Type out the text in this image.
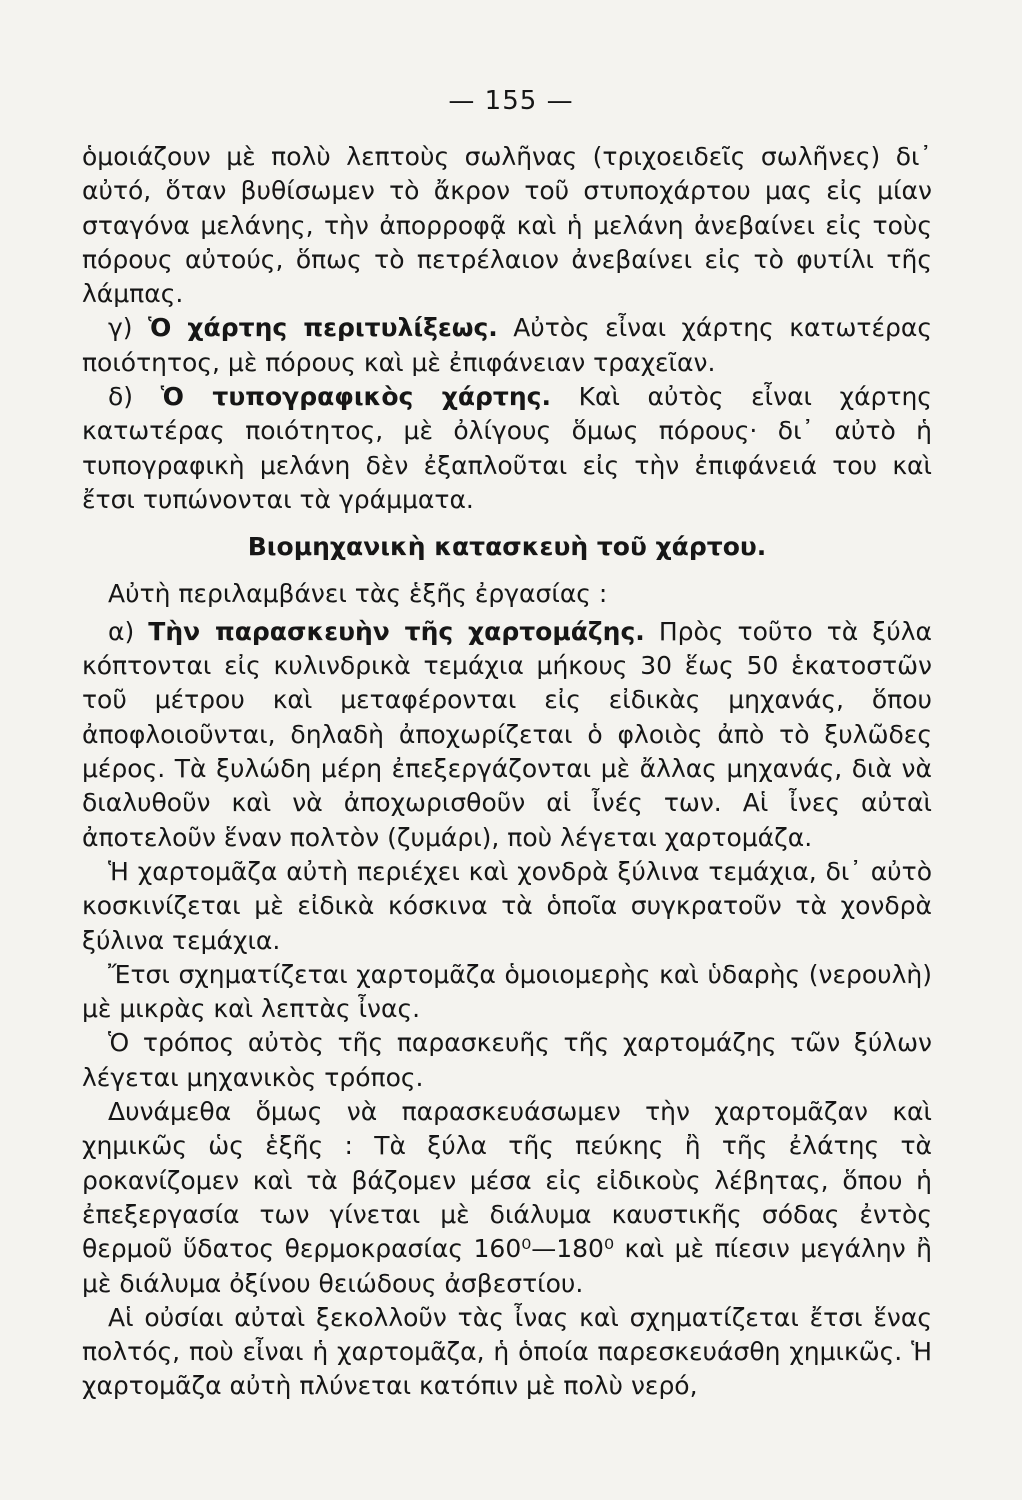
— 155 —

ὁμοιάζουν μὲ πολὺ λεπτοὺς σωλῆνας (τριχοειδεῖς σωλῆνες) δι᾿ αὐτό, ὅταν βυθίσωμεν τὸ ἄκρον τοῦ στυποχάρτου μας εἰς μίαν σταγόνα μελάνης, τὴν ἀπορροφᾷ καὶ ἡ μελάνη ἀνεβαίνει εἰς τοὺς πόρους αὐτούς, ὅπως τὸ πετρέλαιον ἀνεβαίνει εἰς τὸ φυτίλι τῆς λάμπας.

γ) Ὁ χάρτης περιτυλίξεως. Αὐτὸς εἶναι χάρτης κατωτέρας ποιότητος, μὲ πόρους καὶ μὲ ἐπιφάνειαν τραχεῖαν.

δ) Ὁ τυπογραφικὸς χάρτης. Καὶ αὐτὸς εἶναι χάρτης κατωτέρας ποιότητος, μὲ ὀλίγους ὅμως πόρους· δι᾿ αὐτὸ ἡ τυπογραφικὴ μελάνη δὲν ἐξαπλοῦται εἰς τὴν ἐπιφάνειά του καὶ ἔτσι τυπώνονται τὰ γράμματα.

Βιομηχανικὴ κατασκευὴ τοῦ χάρτου.

Αὐτὴ περιλαμβάνει τὰς ἑξῆς ἐργασίας :

α) Τὴν παρασκευὴν τῆς χαρτομάζης. Πρὸς τοῦτο τὰ ξύλα κόπτονται εἰς κυλινδρικὰ τεμάχια μήκους 30 ἕως 50 ἑκατοστῶν τοῦ μέτρου καὶ μεταφέρονται εἰς εἰδικὰς μηχανάς, ὅπου ἀποφλοιοῦνται, δηλαδὴ ἀποχωρίζεται ὁ φλοιὸς ἀπὸ τὸ ξυλῶδες μέρος. Τὰ ξυλώδη μέρη ἐπεξεργάζονται μὲ ἄλλας μηχανάς, διὰ νὰ διαλυθοῦν καὶ νὰ ἀποχωρισθοῦν αἱ ἶνές των. Αἱ ἶνες αὐταὶ ἀποτελοῦν ἕναν πολτὸν (ζυμάρι), ποὺ λέγεται χαρτομάζα.

Ἡ χαρτομᾶζα αὐτὴ περιέχει καὶ χονδρὰ ξύλινα τεμάχια, δι᾿ αὐτὸ κοσκινίζεται μὲ εἰδικὰ κόσκινα τὰ ὁποῖα συγκρατοῦν τὰ χονδρὰ ξύλινα τεμάχια.

Ἔτσι σχηματίζεται χαρτομᾶζα ὁμοιομερὴς καὶ ὑδαρὴς (νερουλὴ) μὲ μικρὰς καὶ λεπτὰς ἶνας.

Ὁ τρόπος αὐτὸς τῆς παρασκευῆς τῆς χαρτομάζης τῶν ξύλων λέγεται μηχανικὸς τρόπος.

Δυνάμεθα ὅμως νὰ παρασκευάσωμεν τὴν χαρτομᾶζαν καὶ χημικῶς ὡς ἑξῆς : Τὰ ξύλα τῆς πεύκης ἢ τῆς ἐλάτης τὰ ροκανίζομεν καὶ τὰ βάζομεν μέσα εἰς εἰδικοὺς λέβητας, ὅπου ἡ ἐπεξεργασία των γίνεται μὲ διάλυμα καυστικῆς σόδας ἐντὸς θερμοῦ ὕδατος θερμοκρασίας 160⁰—180⁰ καὶ μὲ πίεσιν μεγάλην ἢ μὲ διάλυμα ὀξίνου θειώδους ἀσβεστίου.

Αἱ οὐσίαι αὐταὶ ξεκολλοῦν τὰς ἶνας καὶ σχηματίζεται ἔτσι ἕνας πολτός, ποὺ εἶναι ἡ χαρτομᾶζα, ἡ ὁποία παρεσκευάσθη χημικῶς. Ἡ χαρτομᾶζα αὐτὴ πλύνεται κατόπιν μὲ πολὺ νερό,
